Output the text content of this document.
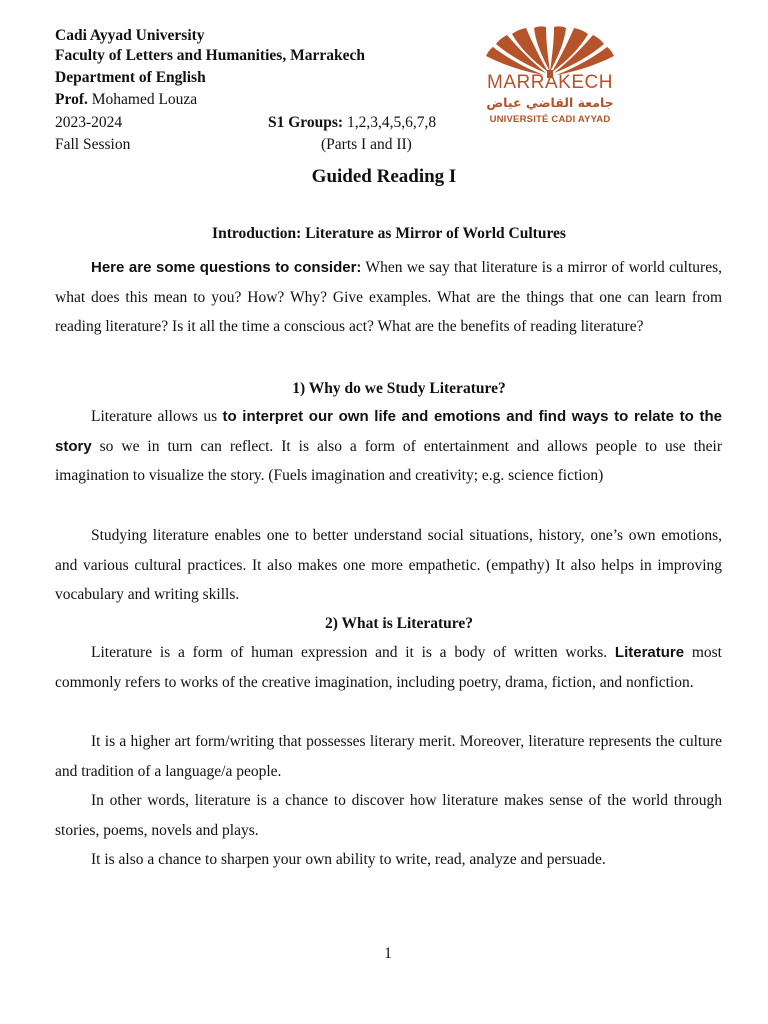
Cadi Ayyad University
Faculty of Letters and Humanities, Marrakech
Department of English
Prof. Mohamed Louza
2023-2024	S1 Groups: 1,2,3,4,5,6,7,8
Fall Session	(Parts I and II)
MARRAKECH
جامعة القاضي عياض
UNIVERSITÉ CADI AYYAD
Guided Reading I
Introduction: Literature as Mirror of World Cultures

Here are some questions to consider: When we say that literature is a mirror of world cultures, what does this mean to you? How? Why? Give examples. What are the things that one can learn from reading literature? Is it all the time a conscious act? What are the benefits of reading literature?

1) Why do we Study Literature?

Literature allows us to interpret our own life and emotions and find ways to relate to the story so we in turn can reflect. It is also a form of entertainment and allows people to use their imagination to visualize the story. (Fuels imagination and creativity; e.g. science fiction)

Studying literature enables one to better understand social situations, history, one’s own emotions, and various cultural practices. It also makes one more empathetic. (empathy) It also helps in improving vocabulary and writing skills.

2) What is Literature?

Literature is a form of human expression and it is a body of written works. Literature most commonly refers to works of the creative imagination, including poetry, drama, fiction, and nonfiction.

It is a higher art form/writing that possesses literary merit. Moreover, literature represents the culture and tradition of a language/a people.

In other words, literature is a chance to discover how literature makes sense of the world through stories, poems, novels and plays.

It is also a chance to sharpen your own ability to write, read, analyze and persuade.

1
